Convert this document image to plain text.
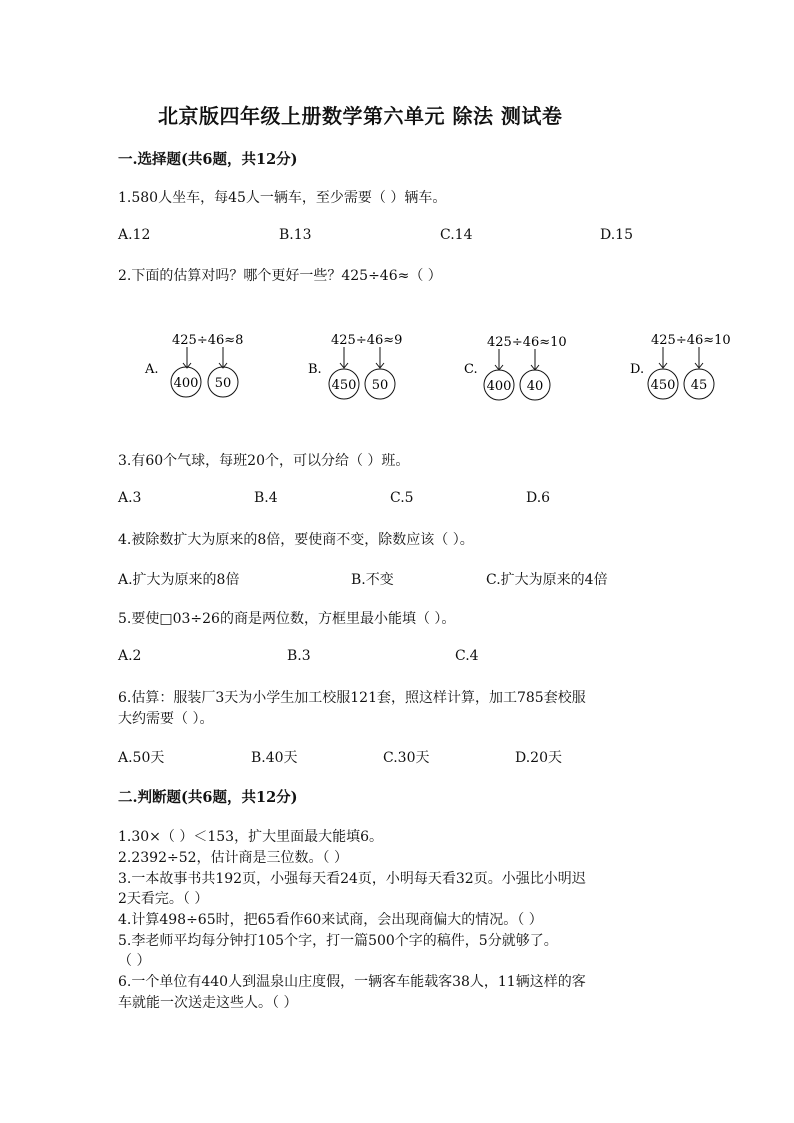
北京版四年级上册数学第六单元 除法 测试卷
一.选择题(共6题，共12分)
1.580人坐车，每45人一辆车，至少需要（ ）辆车。
A.12	B.13	C.14	D.15
2.下面的估算对吗？哪个更好一些？425÷46≈（ ）
A.
425÷46≈8
400 50
B.
425÷46≈9
450 50
C.
425÷46≈10
400 40
D.
425÷46≈10
450 45
3.有60个气球，每班20个，可以分给（ ）班。
A.3	B.4	C.5	D.6
4.被除数扩大为原来的8倍，要使商不变，除数应该（ ）。
A.扩大为原来的8倍	B.不变	C.扩大为原来的4倍
5.要使□03÷26的商是两位数，方框里最小能填（ ）。
A.2	B.3	C.4
6.估算：服装厂3天为小学生加工校服121套，照这样计算，加工785套校服
大约需要（ ）。
A.50天	B.40天	C.30天	D.20天
二.判断题(共6题，共12分)
1.30×（ ）＜153，扩大里面最大能填6。
2.2392÷52，估计商是三位数。（ ）
3.一本故事书共192页，小强每天看24页，小明每天看32页。小强比小明迟
2天看完。（ ）
4.计算498÷65时，把65看作60来试商，会出现商偏大的情况。（ ）
5.李老师平均每分钟打105个字，打一篇500个字的稿件，5分就够了。
（ ）
6.一个单位有440人到温泉山庄度假，一辆客车能载客38人，11辆这样的客
车就能一次送走这些人。（ ）
